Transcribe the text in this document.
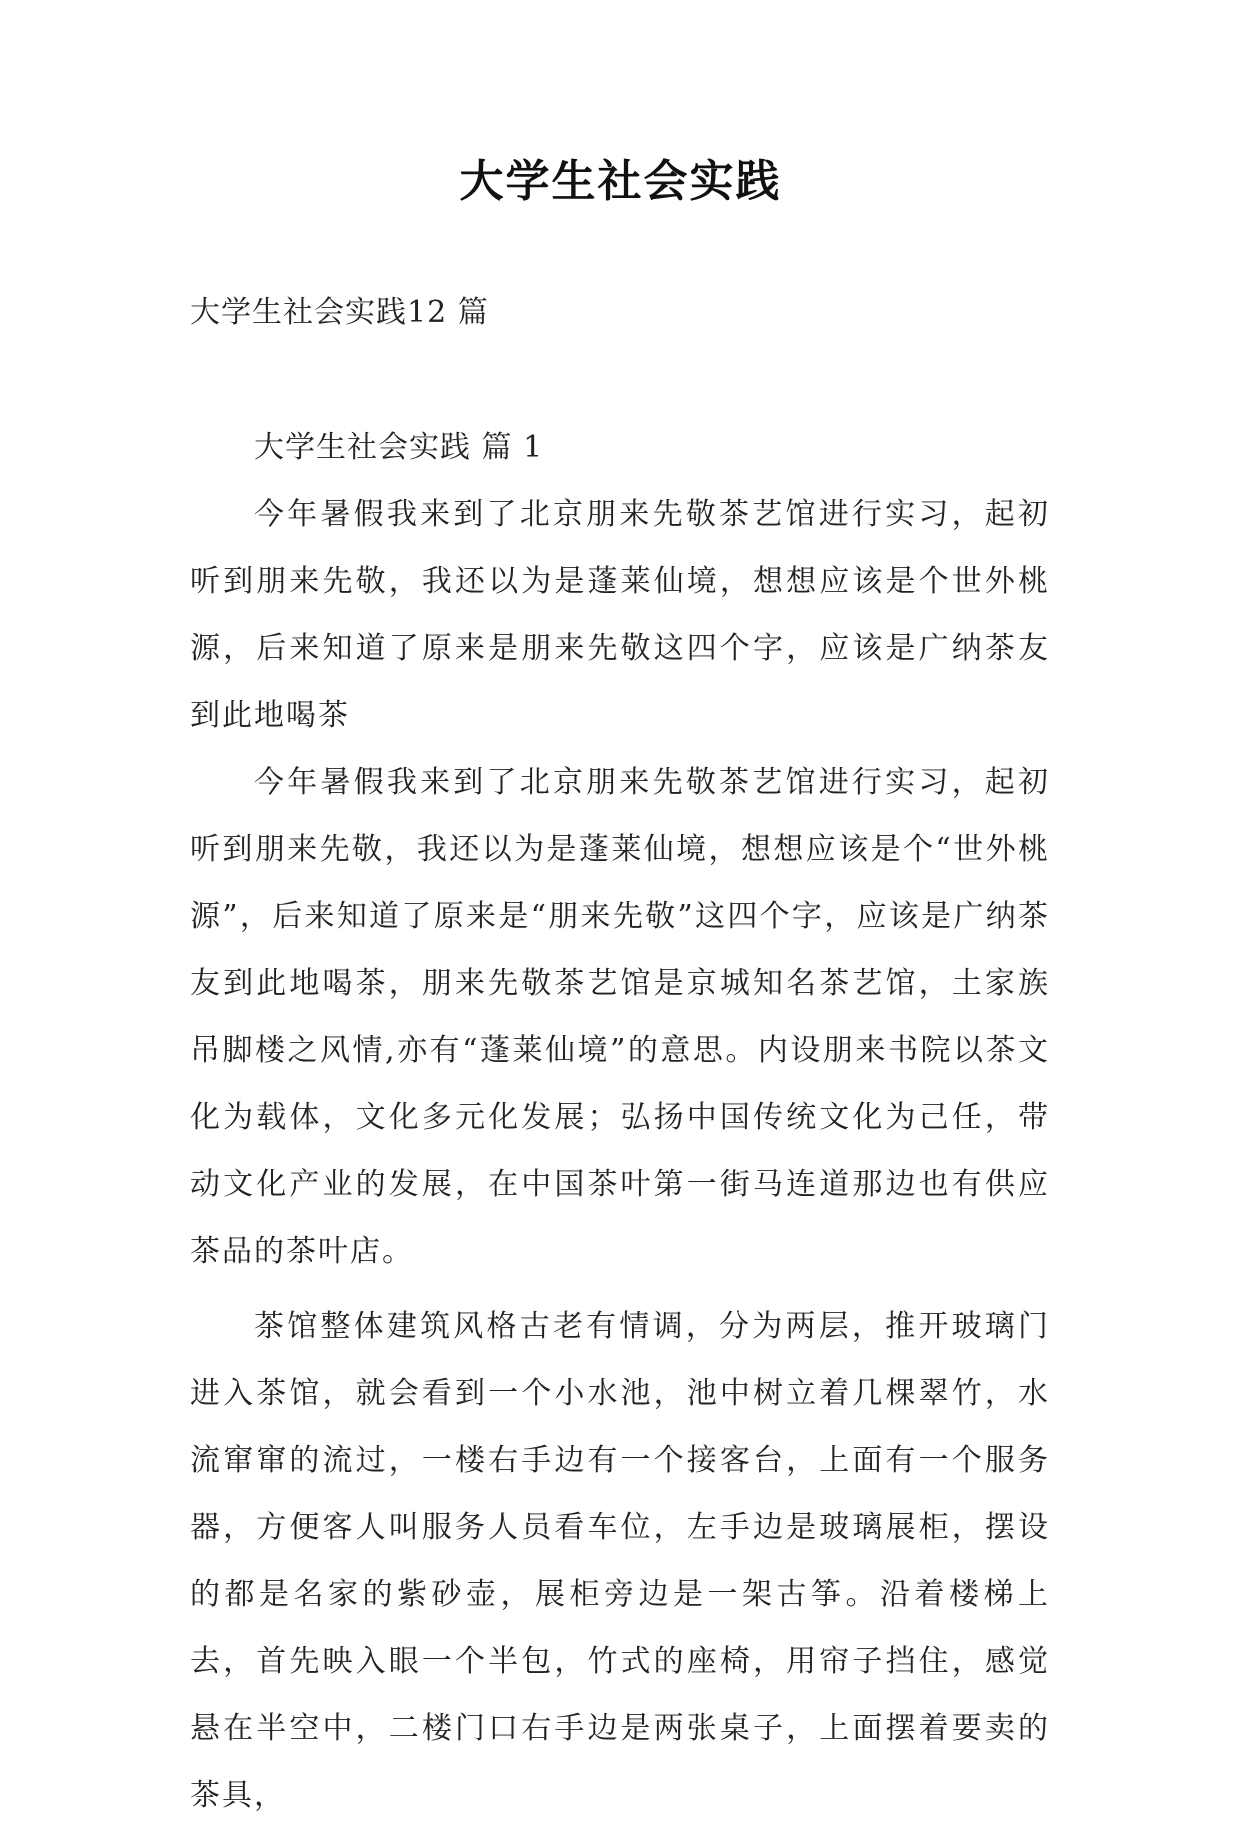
大学生社会实践

大学生社会实践12 篇

大学生社会实践 篇 1

今年暑假我来到了北京朋来先敬茶艺馆进行实习，起初听到朋来先敬，我还以为是蓬莱仙境，想想应该是个世外桃源，后来知道了原来是朋来先敬这四个字，应该是广纳茶友到此地喝茶

今年暑假我来到了北京朋来先敬茶艺馆进行实习，起初听到朋来先敬，我还以为是蓬莱仙境，想想应该是个“世外桃源”，后来知道了原来是“朋来先敬”这四个字，应该是广纳茶友到此地喝茶，朋来先敬茶艺馆是京城知名茶艺馆，土家族吊脚楼之风情,亦有“蓬莱仙境”的意思。内设朋来书院以茶文化为载体，文化多元化发展；弘扬中国传统文化为己任，带动文化产业的发展，在中国茶叶第一街马连道那边也有供应茶品的茶叶店。

茶馆整体建筑风格古老有情调，分为两层，推开玻璃门进入茶馆，就会看到一个小水池，池中树立着几棵翠竹，水流窜窜的流过，一楼右手边有一个接客台，上面有一个服务器，方便客人叫服务人员看车位，左手边是玻璃展柜，摆设的都是名家的紫砂壶，展柜旁边是一架古筝。沿着楼梯上去，首先映入眼一个半包，竹式的座椅，用帘子挡住，感觉悬在半空中，二楼门口右手边是两张桌子，上面摆着要卖的茶具，
